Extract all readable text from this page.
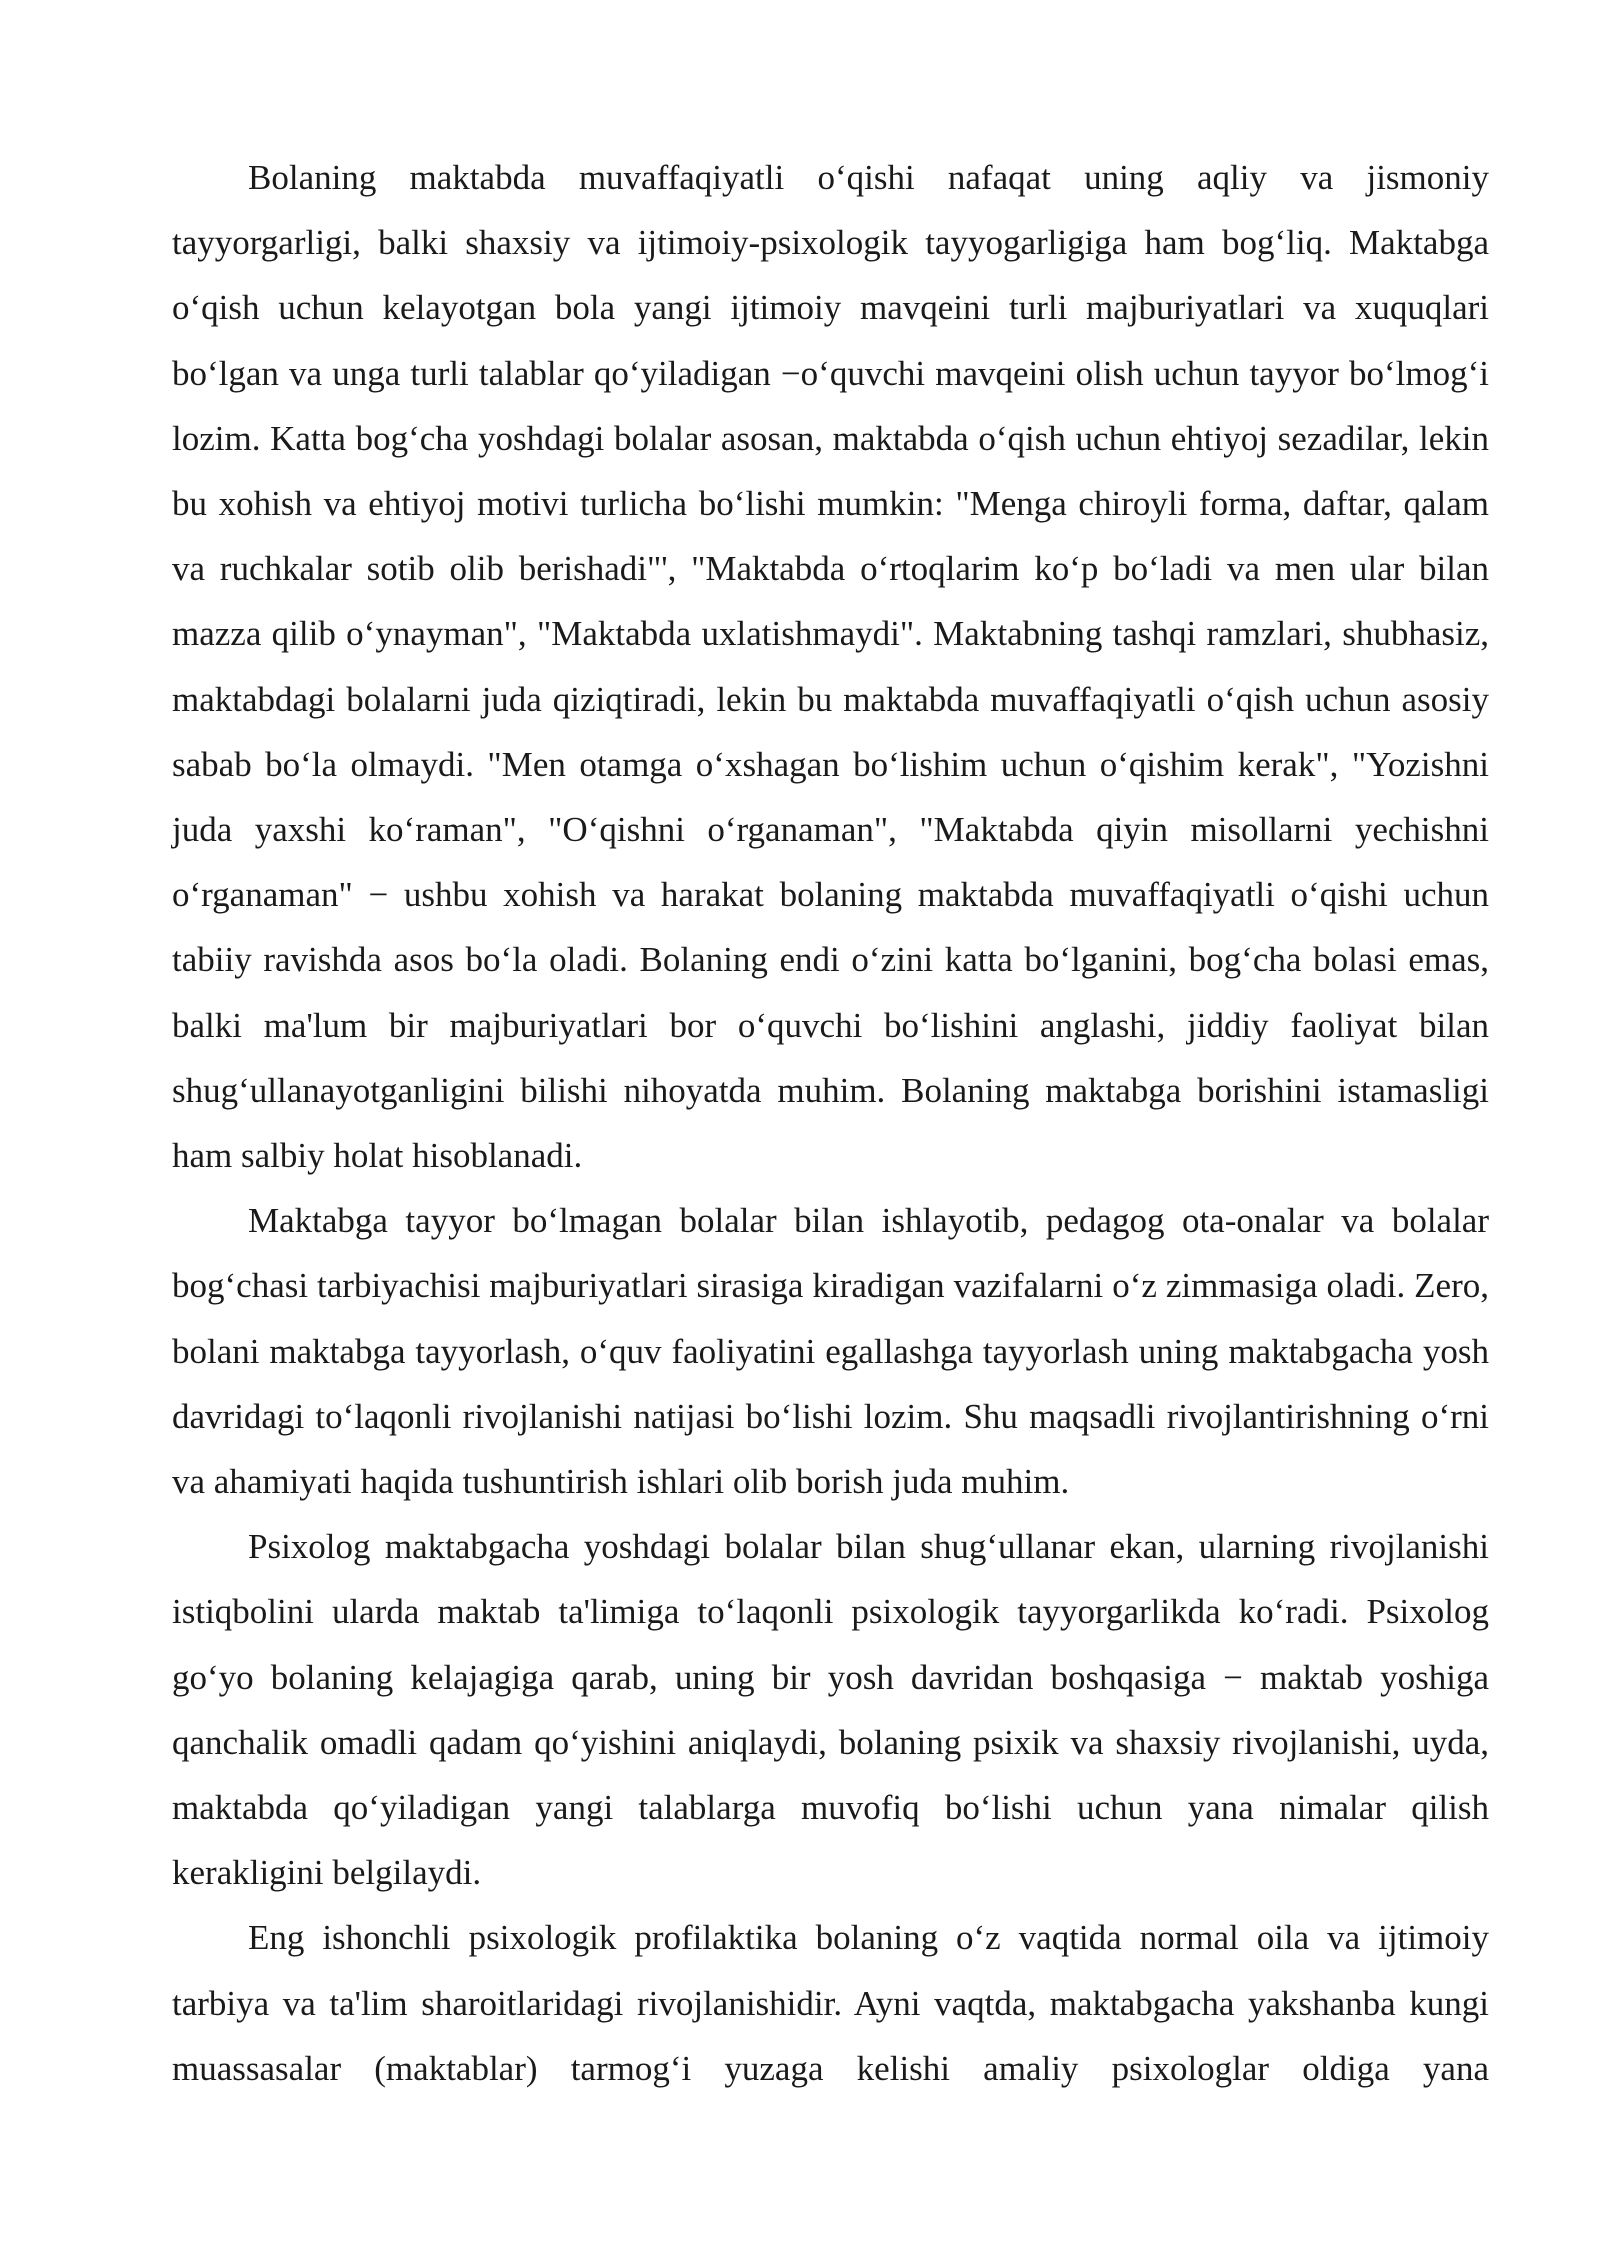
Bolaning maktabda muvaffaqiyatli o‘qishi nafaqat uning aqliy va jismoniy tayyorgarligi, balki shaxsiy va ijtimoiy-psixologik tayyogarligiga ham bog‘liq. Maktabga o‘qish uchun kelayotgan bola yangi ijtimoiy mavqeini turli majburiyatlari va xuquqlari bo‘lgan va unga turli talablar qo‘yiladigan −o‘quvchi mavqeini olish uchun tayyor bo‘lmog‘i lozim. Katta bog‘cha yoshdagi bolalar asosan, maktabda o‘qish uchun ehtiyoj sezadilar, lekin bu xohish va ehtiyoj motivi turlicha bo‘lishi mumkin: "Menga chiroyli forma, daftar, qalam va ruchkalar sotib olib berishadi"', "Maktabda o‘rtoqlarim ko‘p bo‘ladi va men ular bilan mazza qilib o‘ynayman", "Maktabda uxlatishmaydi". Maktabning tashqi ramzlari, shubhasiz, maktabdagi bolalarni juda qiziqtiradi, lekin bu maktabda muvaffaqiyatli o‘qish uchun asosiy sabab bo‘la olmaydi. "Men otamga o‘xshagan bo‘lishim uchun o‘qishim kerak", "Yozishni juda yaxshi ko‘raman", "O‘qishni o‘rganaman", "Maktabda qiyin misollarni yechishni o‘rganaman" − ushbu xohish va harakat bolaning maktabda muvaffaqiyatli o‘qishi uchun tabiiy ravishda asos bo‘la oladi. Bolaning endi o‘zini katta bo‘lganini, bog‘cha bolasi emas, balki ma'lum bir majburiyatlari bor o‘quvchi bo‘lishini anglashi, jiddiy faoliyat bilan shug‘ullanayotganligini bilishi nihoyatda muhim. Bolaning maktabga borishini istamasligi ham salbiy holat hisoblanadi.

Maktabga tayyor bo‘lmagan bolalar bilan ishlayotib, pedagog ota-onalar va bolalar bog‘chasi tarbiyachisi majburiyatlari sirasiga kiradigan vazifalarni o‘z zimmasiga oladi. Zero, bolani maktabga tayyorlash, o‘quv faoliyatini egallashga tayyorlash uning maktabgacha yosh davridagi to‘laqonli rivojlanishi natijasi bo‘lishi lozim. Shu maqsadli rivojlantirishning o‘rni va ahamiyati haqida tushuntirish ishlari olib borish juda muhim.

Psixolog maktabgacha yoshdagi bolalar bilan shug‘ullanar ekan, ularning rivojlanishi istiqbolini ularda maktab ta'limiga to‘laqonli psixologik tayyorgarlikda ko‘radi. Psixolog go‘yo bolaning kelajagiga qarab, uning bir yosh davridan boshqasiga − maktab yoshiga qanchalik omadli qadam qo‘yishini aniqlaydi, bolaning psixik va shaxsiy rivojlanishi, uyda, maktabda qo‘yiladigan yangi talablarga muvofiq bo‘lishi uchun yana nimalar qilish kerakligini belgilaydi.

Eng ishonchli psixologik profilaktika bolaning o‘z vaqtida normal oila va ijtimoiy tarbiya va ta'lim sharoitlaridagi rivojlanishidir. Ayni vaqtda, maktabgacha yakshanba kungi muassasalar (maktablar) tarmog‘i yuzaga kelishi amaliy psixologlar oldiga yana
